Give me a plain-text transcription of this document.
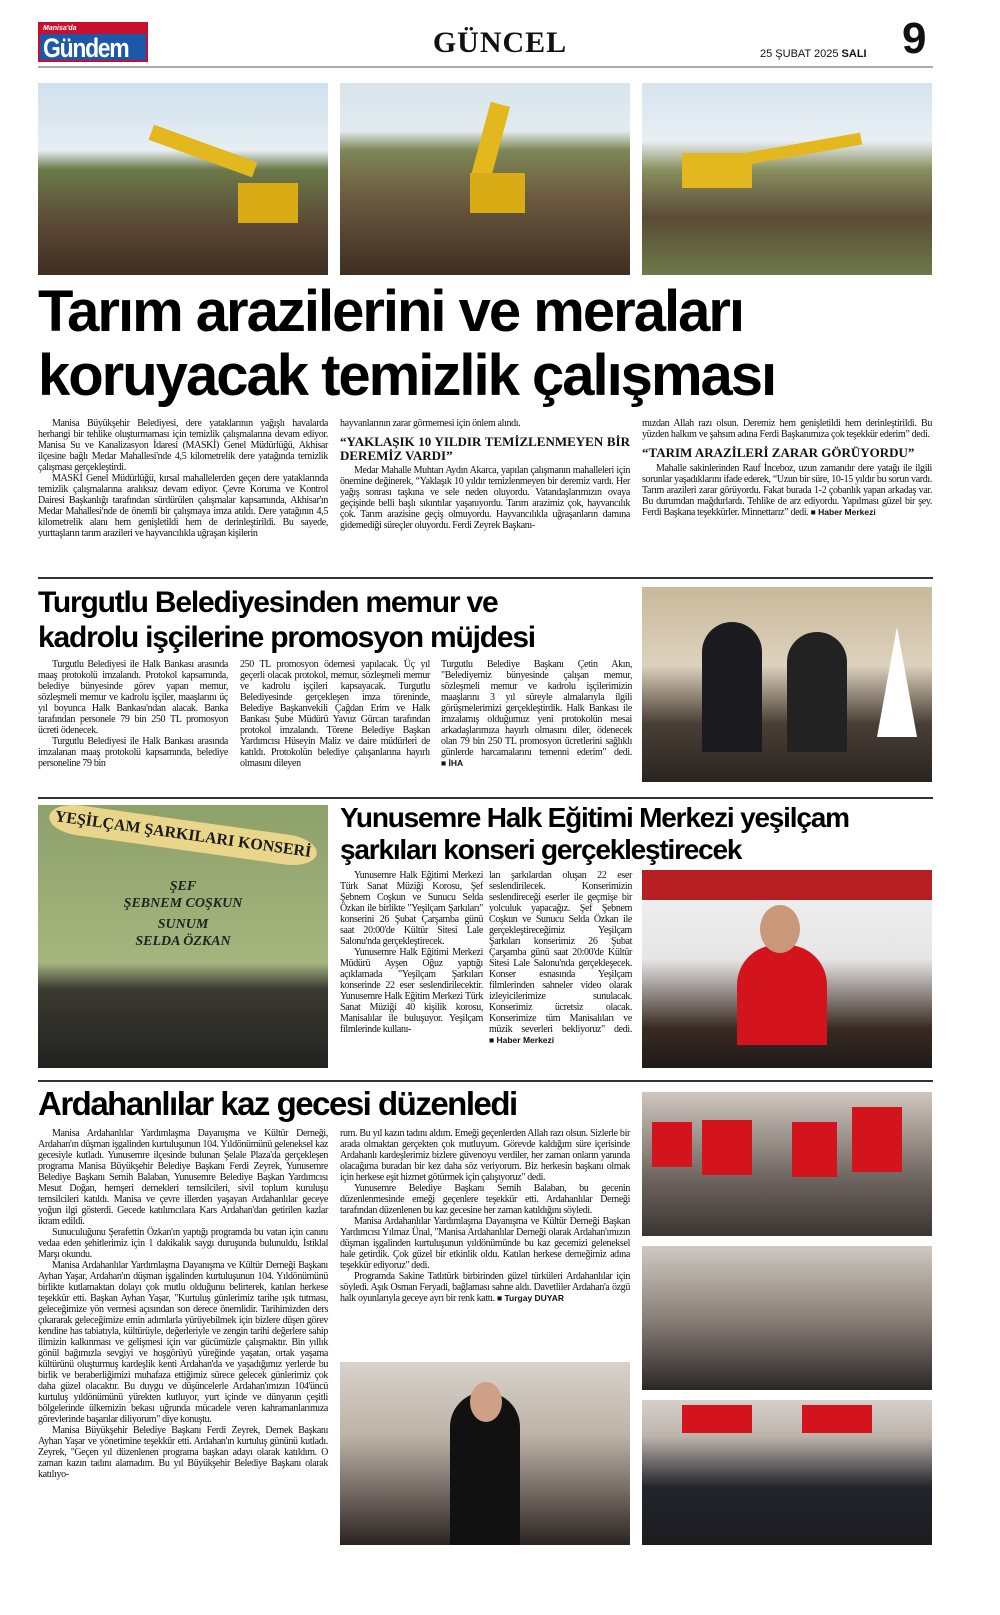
Manisa'da
Gündem	GÜNCEL	25 ŞUBAT 2025 SALI 9
Tarım arazilerini ve meraları
koruyacak temizlik çalışması

Manisa Büyükşehir Belediyesi, dere yataklarının yağışlı havalarda herhangi bir tehlike oluşturmaması için temizlik çalışmalarına devam ediyor. Manisa Su ve Kanalizasyon İdaresi (MASKİ) Genel Müdürlüğü, Akhisar ilçesine bağlı Medar Mahallesi'nde 4,5 kilometrelik dere yatağında temizlik çalışması gerçekleştirdi.

MASKİ Genel Müdürlüğü, kırsal mahallelerden geçen dere yataklarında temizlik çalışmalarına aralıksız devam ediyor. Çevre Koruma ve Kontrol Dairesi Başkanlığı tarafından sürdürülen çalışmalar kapsamında, Akhisar'ın Medar Mahallesi'nde de önemli bir çalışmaya imza atıldı. Dere yatağının 4,5 kilometrelik alanı hem genişletildi hem de derinleştirildi. Bu sayede, yurttaşların tarım arazileri ve hayvancılıkla uğraşan kişilerin

hayvanlarının zarar görmemesi için önlem alındı.

“YAKLAŞIK 10 YILDIR TEMİZLENMEYEN BİR DEREMİZ VARDI”

Medar Mahalle Muhtarı Aydın Akarca, yapılan çalışmanın mahalleleri için önemine değinerek, “Yaklaşık 10 yıldır temizlenmeyen bir deremiz vardı. Her yağış sonrası taşkına ve sele neden oluyordu. Vatandaşlarımızın ovaya geçişinde belli başlı sıkıntılar yaşanıyordu. Tarım arazimiz çok, hayvancılık çok. Tarım arazisine geçiş olmuyordu. Hayvancılıkla uğraşanların damına gidemediği süreçler oluyordu. Ferdi Zeyrek Başkanı-

mızdan Allah razı olsun. Deremiz hem genişletildi hem derinleştirildi. Bu yüzden halkım ve şahsım adına Ferdi Başkanımıza çok teşekkür ederim” dedi.

“TARIM ARAZİLERİ ZARAR GÖRÜYORDU”

Mahalle sakinlerinden Rauf İnceboz, uzun zamandır dere yatağı ile ilgili sorunlar yaşadıklarını ifade ederek, “Uzun bir süre, 10-15 yıldır bu sorun vardı. Tarım arazileri zarar görüyordu. Fakat burada 1-2 çobanlık yapan arkadaş var. Bu durumdan mağdurlardı. Tehlike de arz ediyordu. Yapılması güzel bir şey. Ferdi Başkana teşekkürler. Minnettarız” dedi. ■ Haber Merkezi

Turgutlu Belediyesinden memur ve
kadrolu işçilerine promosyon müjdesi

Turgutlu Belediyesi ile Halk Bankası arasında maaş protokolü imzalandı. Protokol kapsamında, belediye bünyesinde görev yapan memur, sözleşmeli memur ve kadrolu işçiler, maaşlarını üç yıl boyunca Halk Bankası'ndan alacak. Banka tarafından personele 79 bin 250 TL promosyon ücreti ödenecek.

Turgutlu Belediyesi ile Halk Bankası arasında imzalanan maaş protokolü kapsamında, belediye personeline 79 bin

250 TL promosyon ödemesi yapılacak. Üç yıl geçerli olacak protokol, memur, sözleşmeli memur ve kadrolu işçileri kapsayacak. Turgutlu Belediyesinde gerçekleşen imza töreninde, Belediye Başkanvekili Çağdan Erim ve Halk Bankası Şube Müdürü Yavuz Gürcan tarafından protokol imzalandı. Törene Belediye Başkan Yardımcısı Hüseyin Maliz ve daire müdürleri de katıldı. Protokolün belediye çalışanlarına hayırlı olmasını dileyen

Turgutlu Belediye Başkanı Çetin Akın, "Belediyemiz bünyesinde çalışan memur, sözleşmeli memur ve kadrolu işçilerimizin maaşlarını 3 yıl süreyle almalarıyla ilgili görüşmelerimizi gerçekleştirdik. Halk Bankası ile imzalamış olduğumuz yeni protokolün mesai arkadaşlarımıza hayırlı olmasını diler, ödenecek olan 79 bin 250 TL promosyon ücretlerini sağlıklı günlerde harcamalarını temenni ederim" dedi. ■ İHA

YEŞİLÇAM ŞARKILARI KONSERİ
ŞEF
ŞEBNEM COŞKUN
SUNUM
SELDA ÖZKAN
Yunusemre Halk Eğitimi Merkezi yeşilçam
şarkıları konseri gerçekleştirecek

Yunusemre Halk Eğitimi Merkezi Türk Sanat Müziği Korosu, Şef Şebnem Coşkun ve Sunucu Selda Özkan ile birlikte "Yeşilçam Şarkıları" konserini 26 Şubat Çarşamba günü saat 20:00'de Kültür Sitesi Lale Salonu'nda gerçekleştirecek.

Yunusemre Halk Eğitimi Merkezi Müdürü Ayşen Oğuz yaptığı açıklamada "Yeşilçam Şarkıları konserinde 22 eser seslendirilecektir. Yunusemre Halk Eğitim Merkezi Türk Sanat Müziği 40 kişilik korosu, Manisalılar ile buluşuyor. Yeşilçam filmlerinde kullanı-

lan şarkılardan oluşan 22 eser seslendirilecek. Konserimizin seslendireceği eserler ile geçmişe bir yolculuk yapacağız. Şef Şebnem Coşkun ve Sunucu Selda Özkan ile gerçekleştireceğimiz Yeşilçam Şarkıları konserimiz 26 Şubat Çarşamba günü saat 20:00'de Kültür Sitesi Lale Salonu'nda gerçekleşecek. Konser esnasında Yeşilçam filmlerinden sahneler video olarak izleyicilerimize sunulacak. Konserimiz ücretsiz olacak. Konserimize tüm Manisalıları ve müzik severleri bekliyoruz" dedi. ■ Haber Merkezi

Ardahanlılar kaz gecesi düzenledi

Manisa Ardahanlılar Yardımlaşma Dayanışma ve Kültür Derneği, Ardahan'ın düşman işgalinden kurtuluşunun 104. Yıldönümünü geleneksel kaz gecesiyle kutladı. Yunusemre ilçesinde bulunan Şelale Plaza'da gerçekleşen programa Manisa Büyükşehir Belediye Başkanı Ferdi Zeyrek, Yunusemre Belediye Başkanı Semih Balaban, Yunusemre Belediye Başkan Yardımcısı Mesut Doğan, hemşeri dernekleri temsilcileri, sivil toplum kuruluşu temsilcileri katıldı. Manisa ve çevre illerden yaşayan Ardahanlılar geceye yoğun ilgi gösterdi. Gecede katılımcılara Kars Ardahan'dan getirilen kazlar ikram edildi.

Sunuculuğunu Şerafettin Özkan'ın yaptığı programda bu vatan için canını vedaa eden şehitlerimiz için 1 dakikalık saygı duruşunda bulunuldu, İstiklal Marşı okundu.

Manisa Ardahanlılar Yardımlaşma Dayanışma ve Kültür Derneği Başkanı Ayhan Yaşar, Ardahan'ın düşman işgalinden kurtuluşunun 104. Yıldönümünü birlikte kutlamaktan dolayı çok mutlu olduğunu belirterek, katılan herkese teşekkür etti. Başkan Ayhan Yaşar, "Kurtuluş günlerimiz tarihe ışık tutması, geleceğimize yön vermesi açısından son derece önemlidir. Tarihimizden ders çıkararak geleceğimize emin adımlarla yürüyebilmek için bizlere düşen görev kendine has tabiatıyla, kültürüyle, değerleriyle ve zengin tarihi değerlere sahip ilimizin kalkınması ve gelişmesi için var gücümüzle çalışmaktır. Bin yıllık gönül bağımızla sevgiyi ve hoşgörüyü yüreğinde yaşatan, ortak yaşama kültürünü oluşturmuş kardeşlik kenti Ardahan'da ve yaşadığımız yerlerde bu birlik ve beraberliğimizi muhafaza ettiğimiz sürece gelecek günlerimiz çok daha güzel olacaktır. Bu duygu ve düşüncelerle Ardahan'ımızın 104'üncü kurtuluş yıldönümünü yürekten kutluyor, yurt içinde ve dünyanın çeşitli bölgelerinde ülkemizin bekası uğrunda mücadele veren kahramanlarımıza görevlerinde başarılar diliyorum" diye konuştu.

Manisa Büyükşehir Belediye Başkanı Ferdi Zeyrek, Dernek Başkanı Ayhan Yaşar ve yönetimine teşekkür etti. Ardahan'ın kurtuluş gününü kutladı. Zeyrek, "Geçen yıl düzenlenen programa başkan adayı olarak katıldım. O zaman kazın tadını alamadım. Bu yıl Büyükşehir Belediye Başkanı olarak katılıyo-

rum. Bu yıl kazın tadını aldım. Emeği geçenlerden Allah razı olsun. Sizlerle bir arada olmaktan gerçekten çok mutluyum. Görevde kaldığım süre içerisinde Ardahanlı kardeşlerimiz bizlere güvenoyu verdiler, her zaman onların yanında olacağıma buradan bir kez daha söz veriyorum. Biz herkesin başkanı olmak için herkese eşit hizmet götürmek için çalışıyoruz" dedi.

Yunusemre Belediye Başkanı Semih Balaban, bu gecenin düzenlenmesinde emeği geçenlere teşekkür etti. Ardahanlılar Derneği tarafından düzenlenen bu kaz gecesine her zaman katıldığını söyledi.

Manisa Ardahanlılar Yardımlaşma Dayanışma ve Kültür Derneği Başkan Yardımcısı Yılmaz Ünal, "Manisa Ardahanlılar Derneği olarak Ardahan'ımızın düşman işgalinden kurtuluşunun yıldönümünde bu kaz gecemizi geleneksel hale getirdik. Çok güzel bir etkinlik oldu. Katılan herkese derneğimiz adına teşekkür ediyoruz" dedi.

Programda Sakine Tatlıtürk birbirinden güzel türküleri Ardahanlılar için söyledi. Aşık Osman Feryadi, bağlaması sahne aldı. Davetliler Ardahan'a özgü halk oyunlarıyla geceye ayrı bir renk kattı. ■ Turgay DUYAR
